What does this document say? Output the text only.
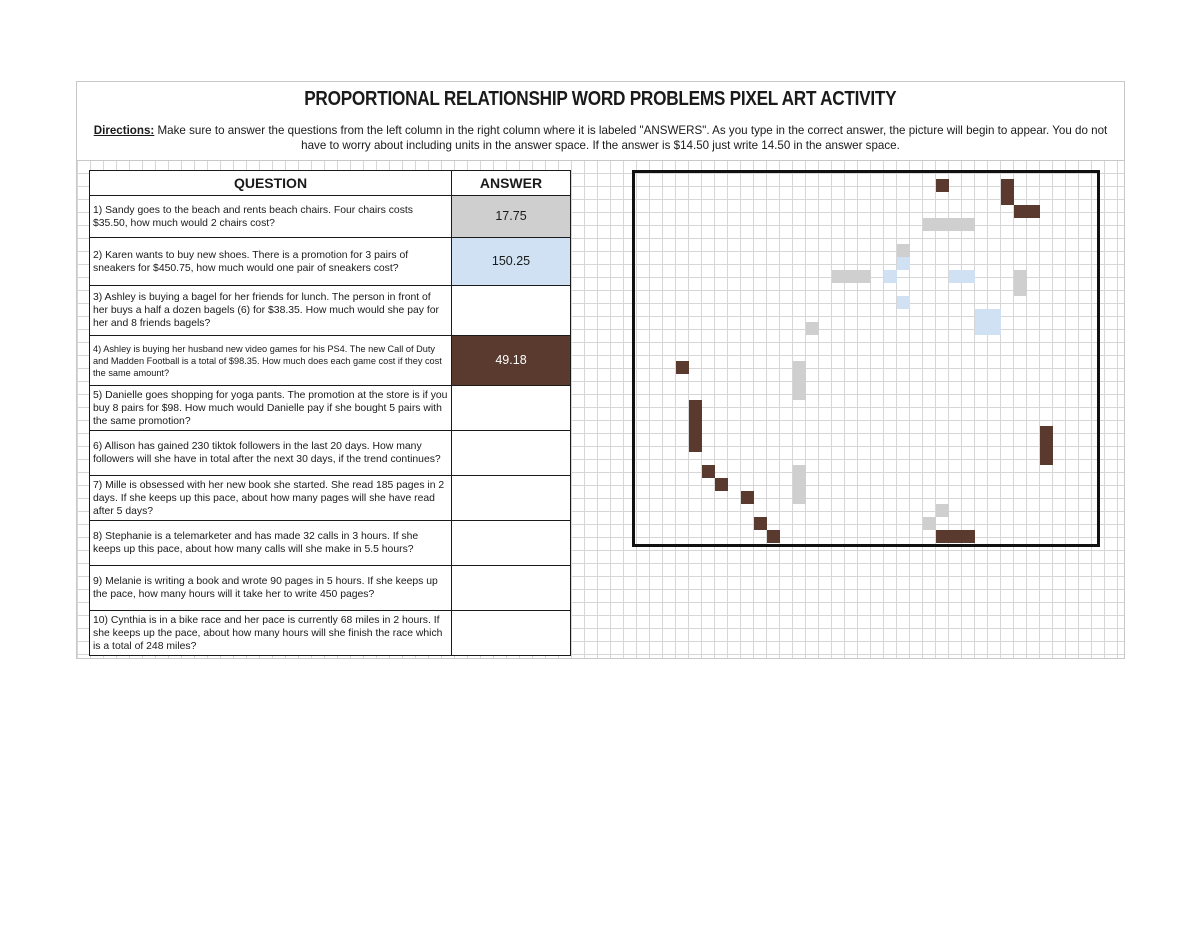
PROPORTIONAL RELATIONSHIP WORD PROBLEMS PIXEL ART ACTIVITY
Directions: Make sure to answer the questions from the left column in the right column where it is labeled "ANSWERS". As you type in the correct answer, the picture will begin to appear. You do not have to worry about including units in the answer space. If the answer is $14.50 just write 14.50 in the answer space.
QUESTION	ANSWER
1) Sandy goes to the beach and rents beach chairs. Four chairs costs $35.50, how much would 2 chairs cost?	17.75
2) Karen wants to buy new shoes. There is a promotion for 3 pairs of sneakers for $450.75, how much would one pair of sneakers cost?	150.25
3) Ashley is buying a bagel for her friends for lunch. The person in front of her buys a half a dozen bagels (6) for $38.35. How much would she pay for her and 8 friends bagels?	
4) Ashley is buying her husband new video games for his PS4. The new Call of Duty and Madden Football is a total of $98.35. How much does each game cost if they cost the same amount?	49.18
5) Danielle goes shopping for yoga pants. The promotion at the store is if you buy 8 pairs for $98. How much would Danielle pay if she bought 5 pairs with the same promotion?	
6) Allison has gained 230 tiktok followers in the last 20 days. How many followers will she have in total after the next 30 days, if the trend continues?	
7) Mille is obsessed with her new book she started. She read 185 pages in 2 days. If she keeps up this pace, about how many pages will she have read after 5 days?	
8) Stephanie is a telemarketer and has made 32 calls in 3 hours. If she keeps up this pace, about how many calls will she make in 5.5 hours?	
9) Melanie is writing a book and wrote 90 pages in 5 hours. If she keeps up the pace, how many hours will it take her to write 450 pages?	
10) Cynthia is in a bike race and her pace is currently 68 miles in 2 hours. If she keeps up the pace, about how many hours will she finish the race which is a total of 248 miles?	
